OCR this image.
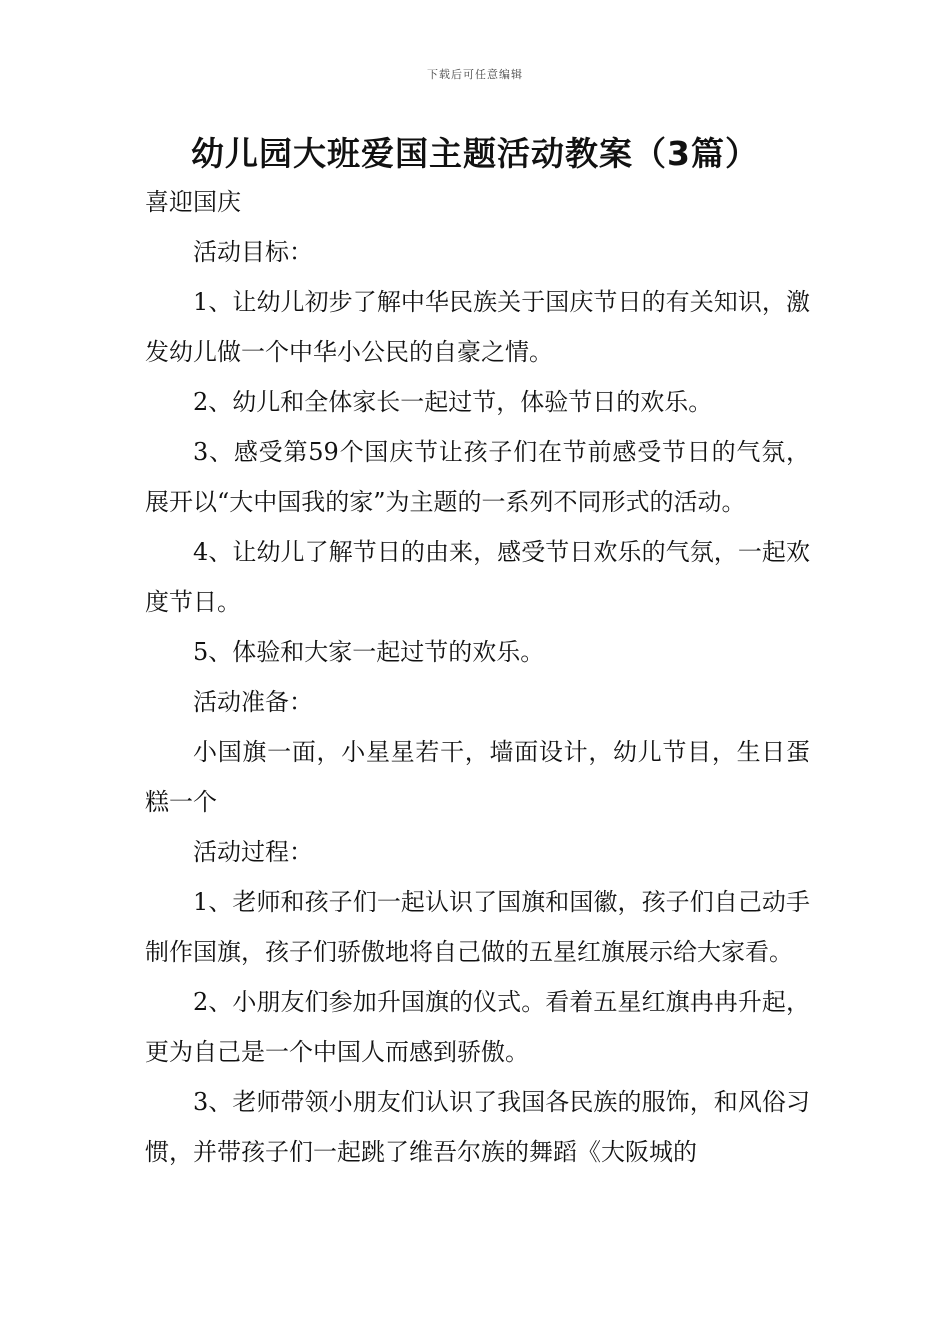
下载后可任意编辑
幼儿园大班爱国主题活动教案（3篇）

喜迎国庆

活动目标：

1、让幼儿初步了解中华民族关于国庆节日的有关知识，激发幼儿做一个中华小公民的自豪之情。

2、幼儿和全体家长一起过节，体验节日的欢乐。

3、感受第59个国庆节让孩子们在节前感受节日的气氛，展开以“大中国我的家”为主题的一系列不同形式的活动。

4、让幼儿了解节日的由来，感受节日欢乐的气氛，一起欢度节日。

5、体验和大家一起过节的欢乐。

活动准备：

小国旗一面，小星星若干，墙面设计，幼儿节目，生日蛋糕一个

活动过程：

1、老师和孩子们一起认识了国旗和国徽，孩子们自己动手制作国旗，孩子们骄傲地将自己做的五星红旗展示给大家看。

2、小朋友们参加升国旗的仪式。看着五星红旗冉冉升起，更为自己是一个中国人而感到骄傲。

3、老师带领小朋友们认识了我国各民族的服饰，和风俗习惯，并带孩子们一起跳了维吾尔族的舞蹈《大阪城的
